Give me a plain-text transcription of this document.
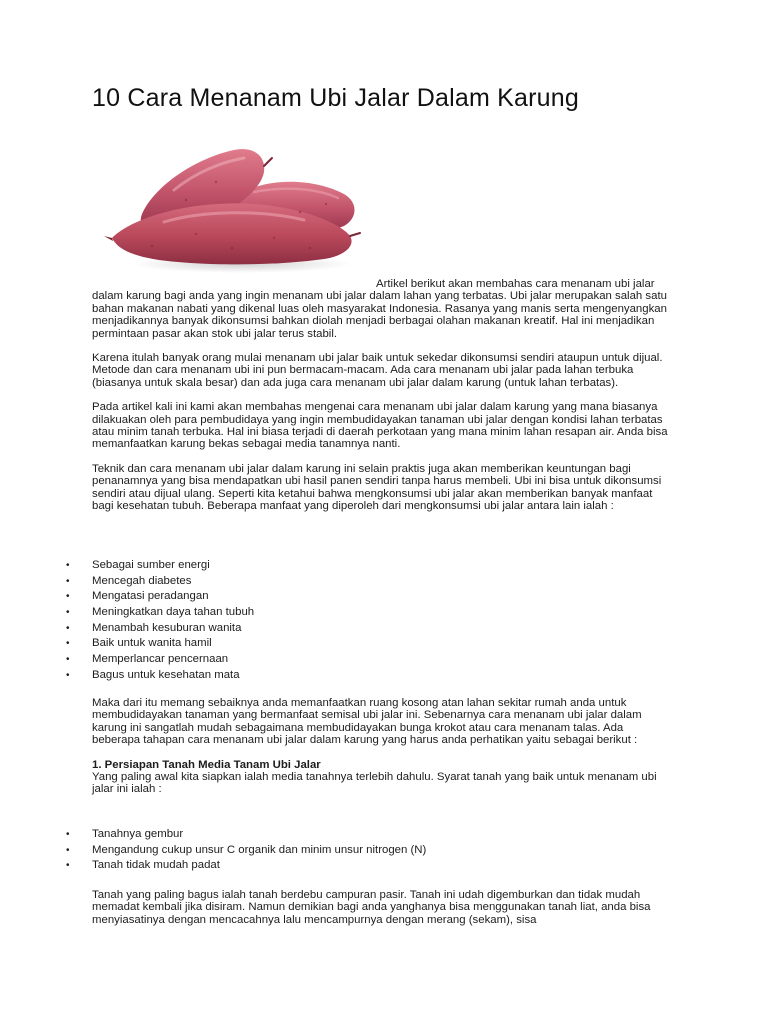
10 Cara Menanam Ubi Jalar Dalam Karung

Artikel berikut akan membahas cara menanam ubi jalar dalam karung bagi anda yang ingin menanam ubi jalar dalam lahan yang terbatas. Ubi jalar merupakan salah satu bahan makanan nabati yang dikenal luas oleh masyarakat Indonesia. Rasanya yang manis serta mengenyangkan menjadikannya banyak dikonsumsi bahkan diolah menjadi berbagai olahan makanan kreatif. Hal ini menjadikan permintaan pasar akan stok ubi jalar terus stabil.

Karena itulah banyak orang mulai menanam ubi jalar baik untuk sekedar dikonsumsi sendiri ataupun untuk dijual. Metode dan cara menanam ubi ini pun bermacam-macam. Ada cara menanam ubi jalar pada lahan terbuka (biasanya untuk skala besar) dan ada juga cara menanam ubi jalar dalam karung (untuk lahan terbatas).

Pada artikel kali ini kami akan membahas mengenai cara menanam ubi jalar dalam karung yang mana biasanya dilakuakan oleh para pembudidaya yang ingin membudidayakan tanaman ubi jalar dengan kondisi lahan terbatas atau minim tanah terbuka. Hal ini biasa terjadi di daerah perkotaan yang mana minim lahan resapan air. Anda bisa memanfaatkan karung bekas sebagai media tanamnya nanti.

Teknik dan cara menanam ubi jalar dalam karung ini selain praktis juga akan memberikan keuntungan bagi penanamnya yang bisa mendapatkan ubi hasil panen sendiri tanpa harus membeli. Ubi ini bisa untuk dikonsumsi sendiri atau dijual ulang. Seperti kita ketahui bahwa mengkonsumsi ubi jalar akan memberikan banyak manfaat bagi kesehatan tubuh. Beberapa manfaat yang diperoleh dari mengkonsumsi ubi jalar antara lain ialah :

• Sebagai sumber energi
• Mencegah diabetes
• Mengatasi peradangan
• Meningkatkan daya tahan tubuh
• Menambah kesuburan wanita
• Baik untuk wanita hamil
• Memperlancar pencernaan
• Bagus untuk kesehatan mata

Maka dari itu memang sebaiknya anda memanfaatkan ruang kosong atan lahan sekitar rumah anda untuk membudidayakan tanaman yang bermanfaat semisal ubi jalar ini. Sebenarnya cara menanam ubi jalar dalam karung ini sangatlah mudah sebagaimana membudidayakan bunga krokot atau cara menanam talas. Ada beberapa tahapan cara menanam ubi jalar dalam karung yang harus anda perhatikan yaitu sebagai berikut :

1. Persiapan Tanah Media Tanam Ubi Jalar

Yang paling awal kita siapkan ialah media tanahnya terlebih dahulu. Syarat tanah yang baik untuk menanam ubi jalar ini ialah :

• Tanahnya gembur
• Mengandung cukup unsur C organik dan minim unsur nitrogen (N)
• Tanah tidak mudah padat

Tanah yang paling bagus ialah tanah berdebu campuran pasir. Tanah ini udah digemburkan dan tidak mudah memadat kembali jika disiram. Namun demikian bagi anda yanghanya bisa menggunakan tanah liat, anda bisa menyiasatinya dengan mencacahnya lalu mencampurnya dengan merang (sekam), sisa
